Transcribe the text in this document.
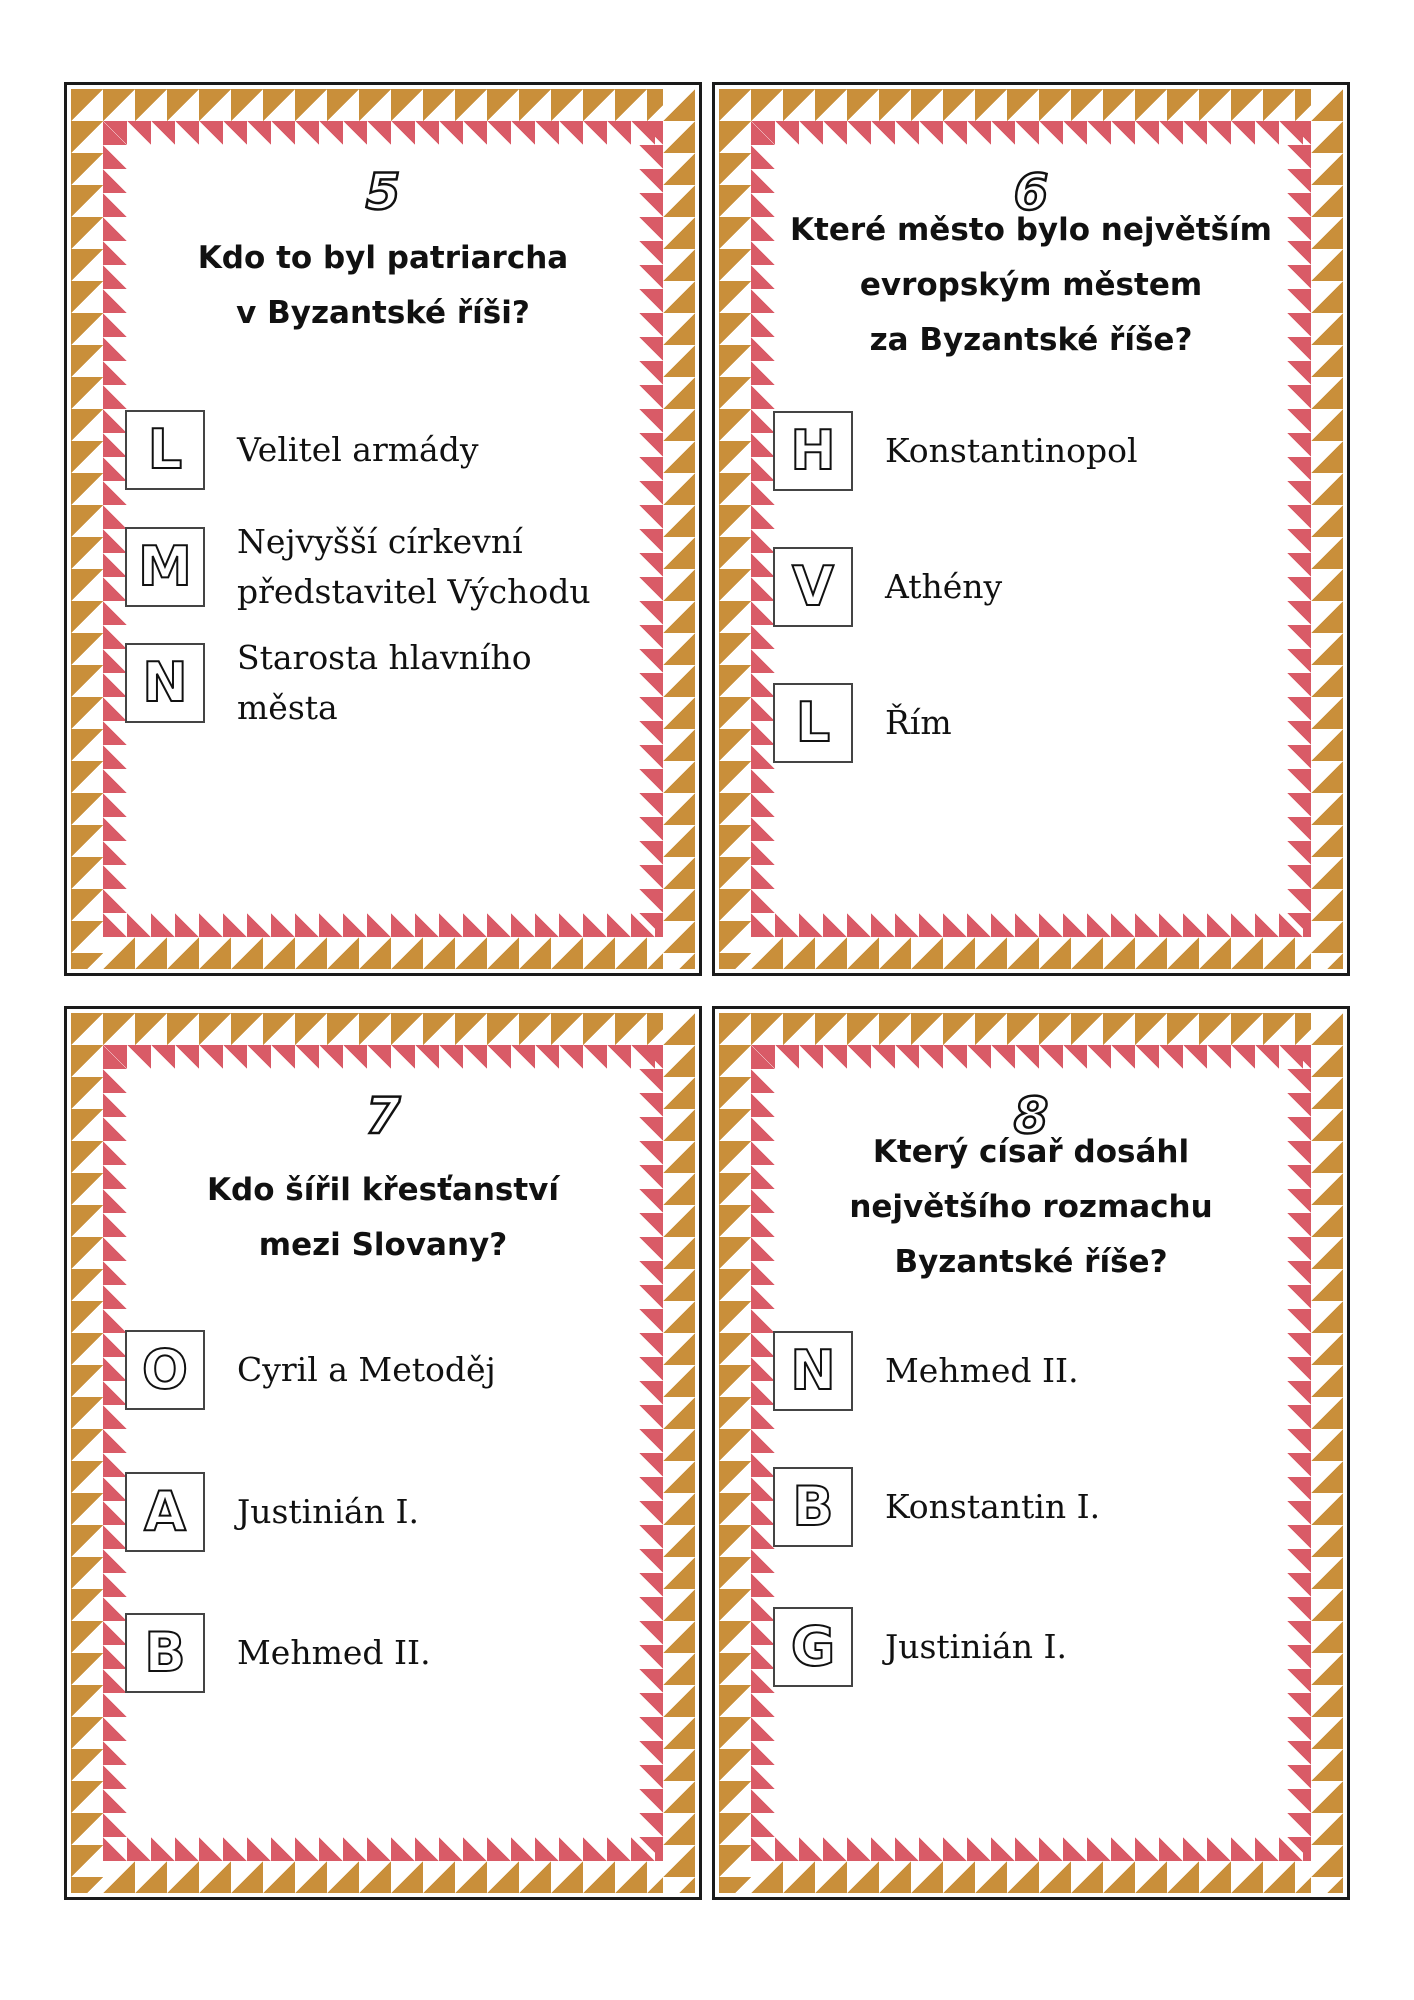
5
Kdo to byl patriarcha
v Byzantské říši?
L Velitel armády
M Nejvyšší církevní
představitel Východu
N Starosta hlavního města
6
Které město bylo největším
evropským městem
za Byzantské říše?
H Konstantinopol
V Athény
L Řím
7
Kdo šířil křesťanství
mezi Slovany?
O Cyril a Metoděj
A Justinián I.
B Mehmed II.
8
Který císař dosáhl
největšího rozmachu
Byzantské říše?
N Mehmed II.
B Konstantin I.
G Justinián I.
